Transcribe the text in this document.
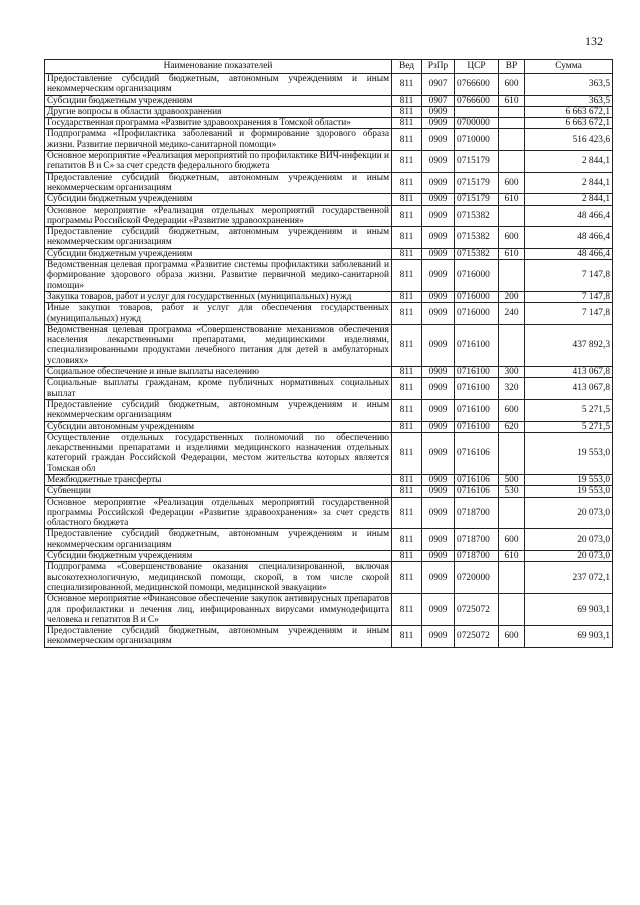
132
Наименование показателей	Вед	РзПр	ЦСР	ВР	Сумма
Предоставление субсидий бюджетным, автономным учреждениям и иным некоммерческим организациям	811	0907	0766600	600	363,5
Субсидии бюджетным учреждениям	811	0907	0766600	610	363,5
Другие вопросы в области здравоохранения	811	0909			6 663 672,1
Государственная программа «Развитие здравоохранения в Томской области»	811	0909	0700000		6 663 672,1
Подпрограмма «Профилактика заболеваний и формирование здорового образа жизни. Развитие первичной медико-санитарной помощи»	811	0909	0710000		516 423,6
Основное мероприятие «Реализация мероприятий по профилактике ВИЧ-инфекции и гепатитов В и С» за счет средств федерального бюджета	811	0909	0715179		2 844,1
Предоставление субсидий бюджетным, автономным учреждениям и иным некоммерческим организациям	811	0909	0715179	600	2 844,1
Субсидии бюджетным учреждениям	811	0909	0715179	610	2 844,1
Основное мероприятие «Реализация отдельных мероприятий государственной программы Российской Федерации «Развитие здравоохранения»	811	0909	0715382		48 466,4
Предоставление субсидий бюджетным, автономным учреждениям и иным некоммерческим организациям	811	0909	0715382	600	48 466,4
Субсидии бюджетным учреждениям	811	0909	0715382	610	48 466,4
Ведомственная целевая программа «Развитие системы профилактики заболеваний и формирование здорового образа жизни. Развитие первичной медико-санитарной помощи»	811	0909	0716000		7 147,8
Закупка товаров, работ и услуг для государственных (муниципальных) нужд	811	0909	0716000	200	7 147,8
Иные закупки товаров, работ и услуг для обеспечения государственных (муниципальных) нужд	811	0909	0716000	240	7 147,8
Ведомственная целевая программа «Совершенствование механизмов обеспечения населения лекарственными препаратами, медицинскими изделиями, специализированными продуктами лечебного питания для детей в амбулаторных условиях»	811	0909	0716100		437 892,3
Социальное обеспечение и иные выплаты населению	811	0909	0716100	300	413 067,8
Социальные выплаты гражданам, кроме публичных нормативных социальных выплат	811	0909	0716100	320	413 067,8
Предоставление субсидий бюджетным, автономным учреждениям и иным некоммерческим организациям	811	0909	0716100	600	5 271,5
Субсидии автономным учреждениям	811	0909	0716100	620	5 271,5
Осуществление отдельных государственных полномочий по обеспечению лекарственными препаратами и изделиями медицинского назначения отдельных категорий граждан Российской Федерации, местом жительства которых является Томская обл	811	0909	0716106		19 553,0
Межбюджетные трансферты	811	0909	0716106	500	19 553,0
Субвенции	811	0909	0716106	530	19 553,0
Основное мероприятие «Реализация отдельных мероприятий государственной программы Российской Федерации «Развитие здравоохранения» за счет средств областного бюджета	811	0909	0718700		20 073,0
Предоставление субсидий бюджетным, автономным учреждениям и иным некоммерческим организациям	811	0909	0718700	600	20 073,0
Субсидии бюджетным учреждениям	811	0909	0718700	610	20 073,0
Подпрограмма «Совершенствование оказания специализированной, включая высокотехнологичную, медицинской помощи, скорой, в том числе скорой специализированной, медицинской помощи, медицинской эвакуации»	811	0909	0720000		237 072,1
Основное мероприятие «Финансовое обеспечение закупок антивирусных препаратов для профилактики и лечения лиц, инфицированных вирусами иммунодефицита человека и гепатитов В и С»	811	0909	0725072		69 903,1
Предоставление субсидий бюджетным, автономным учреждениям и иным некоммерческим организациям	811	0909	0725072	600	69 903,1
